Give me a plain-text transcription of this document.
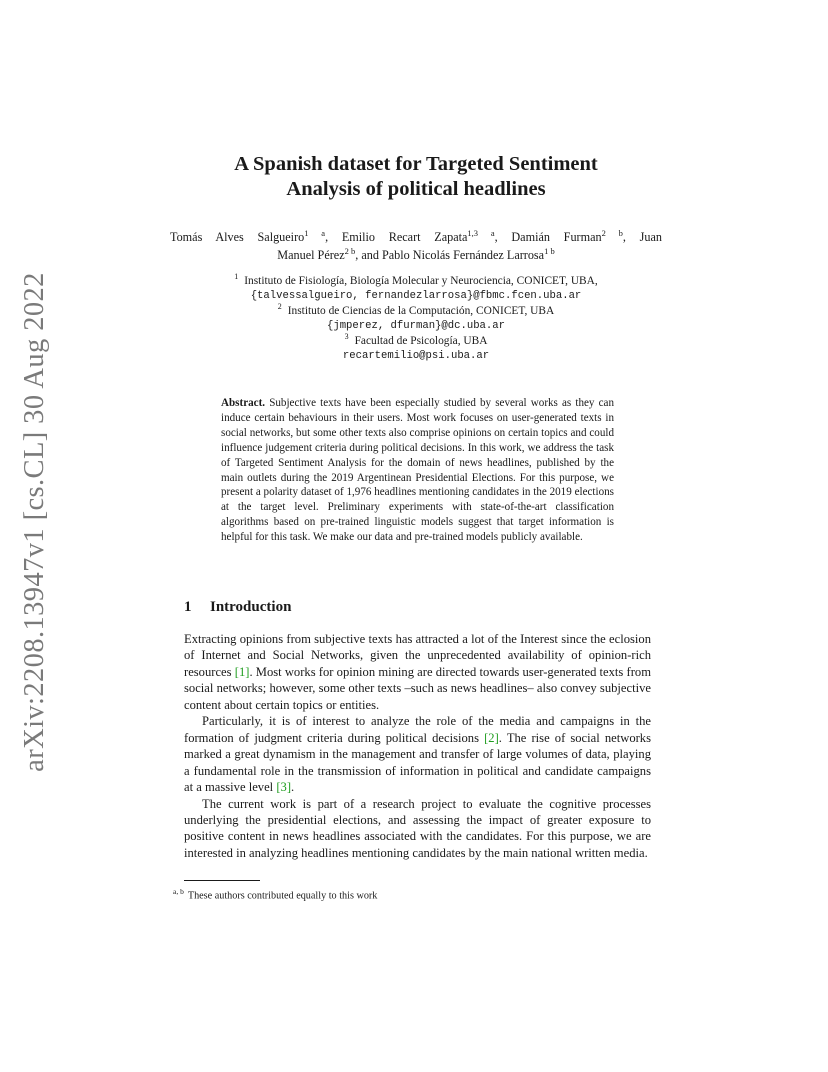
arXiv:2208.13947v1 [cs.CL] 30 Aug 2022
A Spanish dataset for Targeted Sentiment
Analysis of political headlines
Tomás Alves Salgueiro$^{1 a}$, Emilio Recart Zapata$^{1,3 a}$, Damián Furman$^{2 b}$, Juan
Manuel Pérez$^{2 b}$, and Pablo Nicolás Fernández Larrosa$^{1 b}$
$^1$ Instituto de Fisiología, Biología Molecular y Neurociencia, CONICET, UBA,
{talvessalgueiro, fernandezlarrosa}@fbmc.fcen.uba.ar
$^2$ Instituto de Ciencias de la Computación, CONICET, UBA
{jmperez, dfurman}@dc.uba.ar
$^3$ Facultad de Psicología, UBA
recartemilio@psi.uba.ar
Abstract. Subjective texts have been especially studied by several works as they can induce certain behaviours in their users. Most work focuses on user-generated texts in social networks, but some other texts also comprise opinions on certain topics and could influence judgement criteria during political decisions. In this work, we address the task of Targeted Sentiment Analysis for the domain of news headlines, published by the main outlets during the 2019 Argentinean Presidential Elections. For this purpose, we present a polarity dataset of 1,976 headlines mentioning candidates in the 2019 elections at the target level. Preliminary experiments with state-of-the-art classification algorithms based on pre-trained linguistic models suggest that target information is helpful for this task. We make our data and pre-trained models publicly available.
1 Introduction

Extracting opinions from subjective texts has attracted a lot of the Interest since the eclosion of Internet and Social Networks, given the unprecedented availability of opinion-rich resources [ 1 ] . Most works for opinion mining are directed towards user-generated texts from social networks; however, some other texts –such as news headlines– also convey subjective content about certain topics or entities.

Particularly, it is of interest to analyze the role of the media and campaigns in the formation of judgment criteria during political decisions [ 2 ] . The rise of social networks marked a great dynamism in the management and transfer of large volumes of data, playing a fundamental role in the transmission of information in political and candidate campaigns at a massive level [ 3 ] .

The current work is part of a research project to evaluate the cognitive processes underlying the presidential elections, and assessing the impact of greater exposure to positive content in news headlines associated with the candidates. For this purpose, we are interested in analyzing headlines mentioning candidates by the main national written media.

$^{a, b}$ These authors contributed equally to this work
